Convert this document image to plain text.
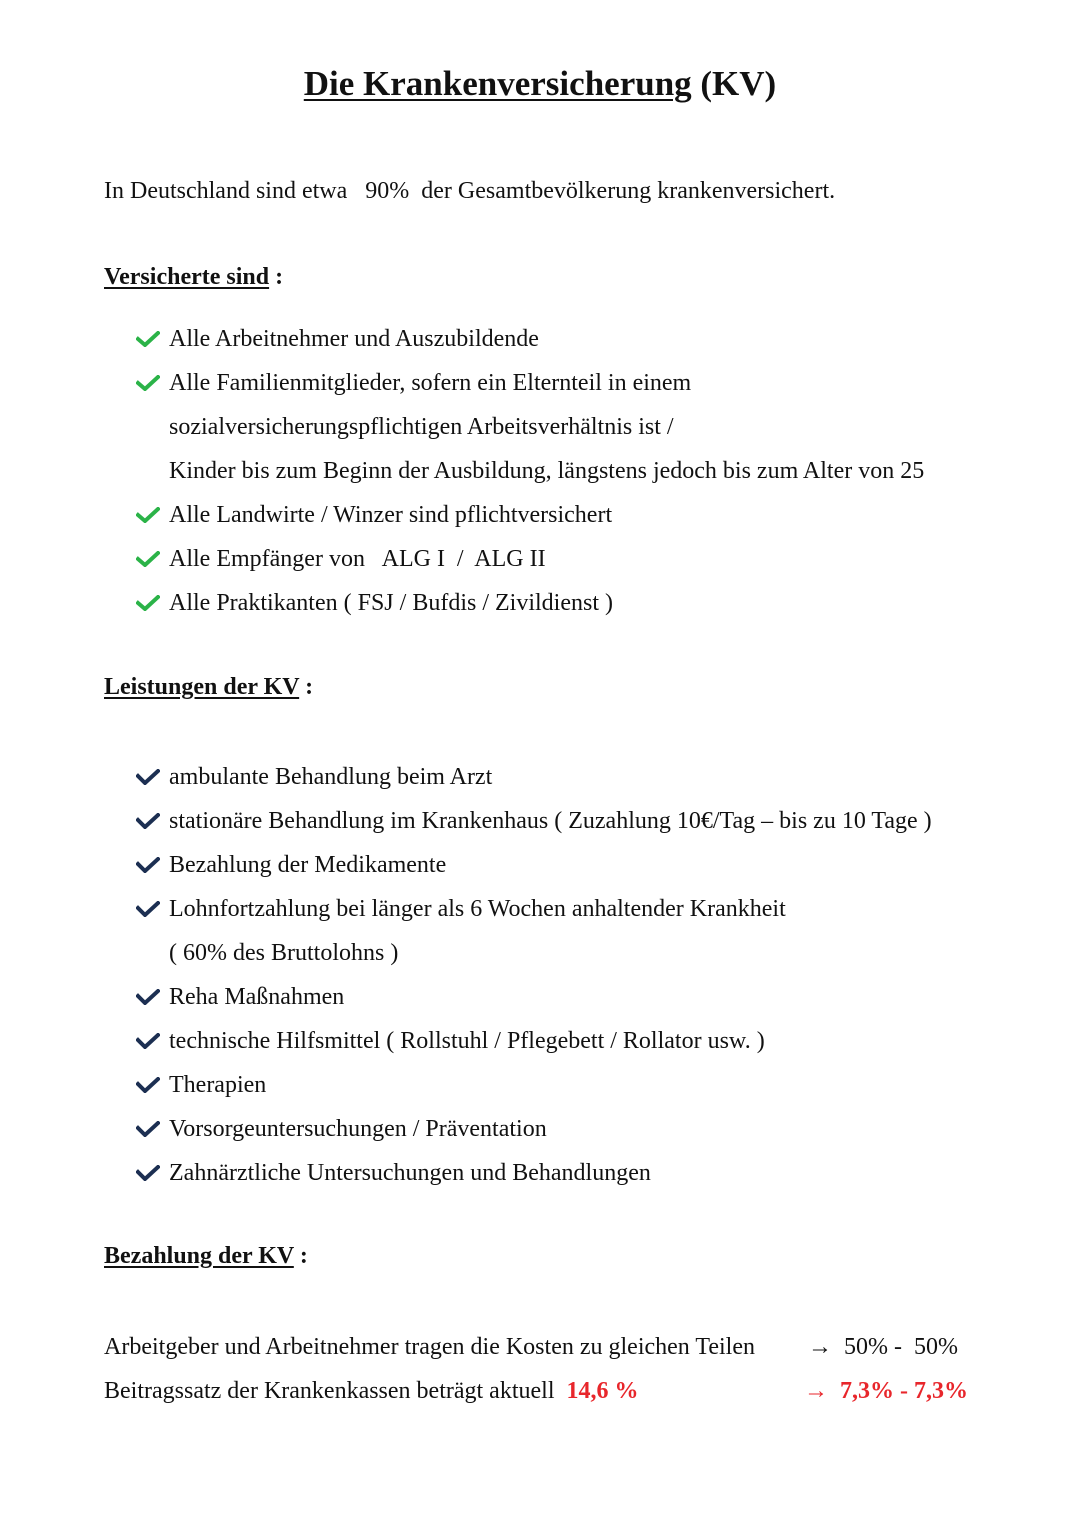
Die Krankenversicherung (KV)
In Deutschland sind etwa 90% der Gesamtbevölkerung krankenversichert.
Versicherte sind :
Alle Arbeitnehmer und Auszubildende
Alle Familienmitglieder, sofern ein Elternteil in einem
sozialversicherungspflichtigen Arbeitsverhältnis ist /
Kinder bis zum Beginn der Ausbildung, längstens jedoch bis zum Alter von 25
Alle Landwirte / Winzer sind pflichtversichert
Alle Empfänger von   ALG I  /  ALG II
Alle Praktikanten ( FSJ / Bufdis / Zivildienst )
Leistungen der KV :
ambulante Behandlung beim Arzt
stationäre Behandlung im Krankenhaus ( Zuzahlung 10€/Tag – bis zu 10 Tage )
Bezahlung der Medikamente
Lohnfortzahlung bei länger als 6 Wochen anhaltender Krankheit
( 60% des Bruttolohns )
Reha Maßnahmen
technische Hilfsmittel ( Rollstuhl / Pflegebett / Rollator usw. )
Therapien
Vorsorgeuntersuchungen / Präventation
Zahnärztliche Untersuchungen und Behandlungen
Bezahlung der KV :
Arbeitgeber und Arbeitnehmer tragen die Kosten zu gleichen Teilen → 50% -  50%
Beitragssatz der Krankenkassen beträgt aktuell 14,6 %	→ 7,3% - 7,3%
